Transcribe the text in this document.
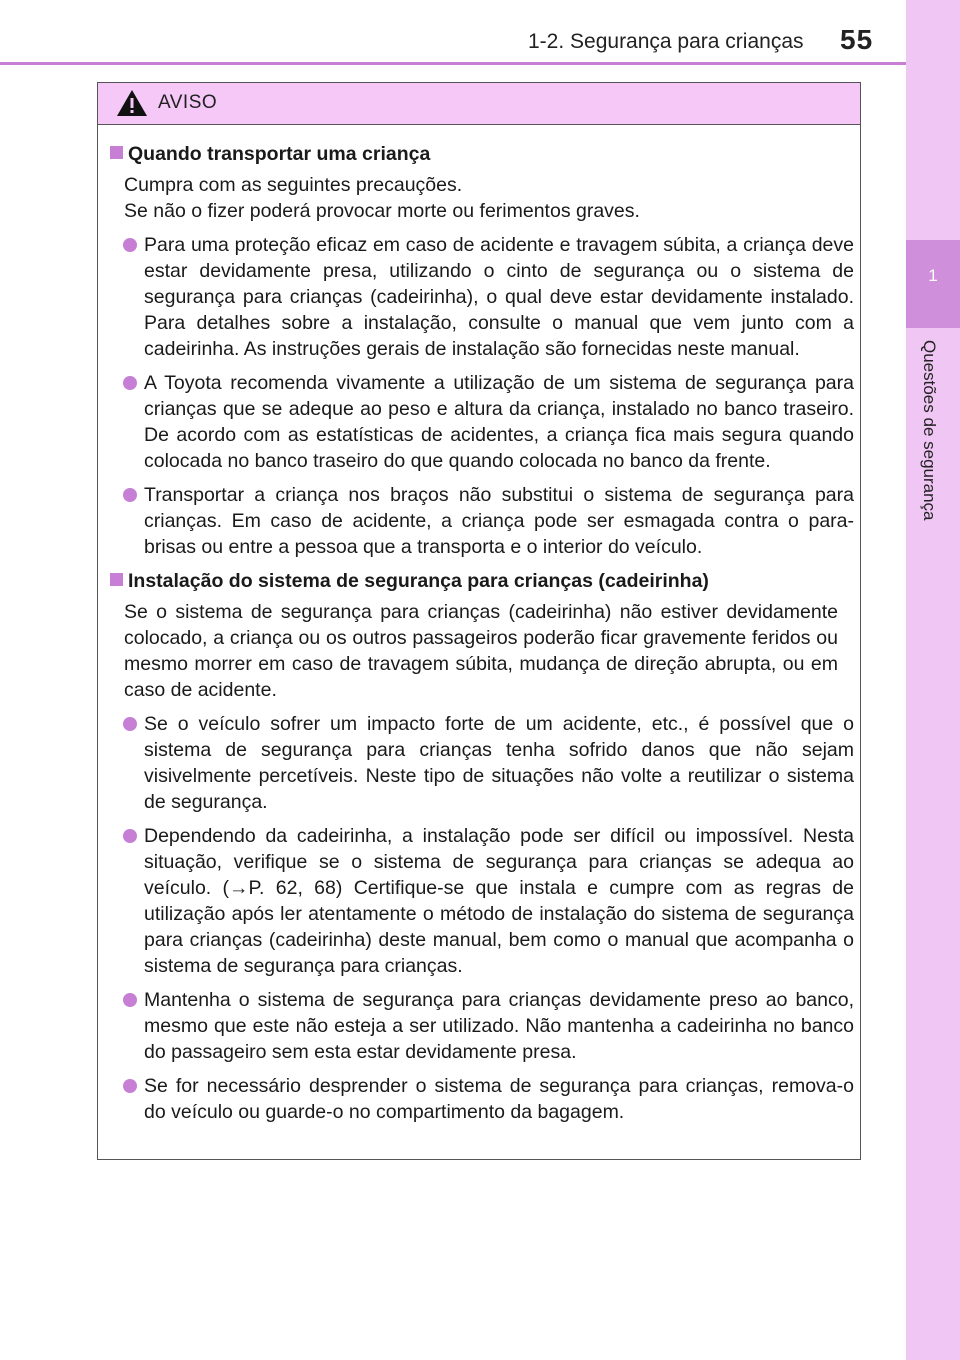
1-2. Segurança para crianças 55
1
Questões de segurança
AVISO
Quando transportar uma criança
Cumpra com as seguintes precauções.
Se não o fizer poderá provocar morte ou ferimentos graves.
Para uma proteção eficaz em caso de acidente e travagem súbita, a criança deve estar devidamente presa, utilizando o cinto de segurança ou o sistema de segurança para crianças (cadeirinha), o qual deve estar devidamente instalado. Para detalhes sobre a instalação, consulte o manual que vem junto com a cadeirinha. As instruções gerais de instalação são fornecidas neste manual.
A Toyota recomenda vivamente a utilização de um sistema de segurança para crianças que se adeque ao peso e altura da criança, instalado no banco traseiro. De acordo com as estatísticas de acidentes, a criança fica mais segura quando colocada no banco traseiro do que quando colocada no banco da frente.
Transportar a criança nos braços não substitui o sistema de segurança para crianças. Em caso de acidente, a criança pode ser esmagada contra o para-brisas ou entre a pessoa que a transporta e o interior do veículo.
Instalação do sistema de segurança para crianças (cadeirinha)
Se o sistema de segurança para crianças (cadeirinha) não estiver devidamente colocado, a criança ou os outros passageiros poderão ficar gravemente feridos ou mesmo morrer em caso de travagem súbita, mudança de direção abrupta, ou em caso de acidente.
Se o veículo sofrer um impacto forte de um acidente, etc., é possível que o sistema de segurança para crianças tenha sofrido danos que não sejam visivelmente percetíveis. Neste tipo de situações não volte a reutilizar o sistema de segurança.
Dependendo da cadeirinha, a instalação pode ser difícil ou impossível. Nesta situação, verifique se o sistema de segurança para crianças se adequa ao veículo. (→P. 62, 68) Certifique-se que instala e cumpre com as regras de utilização após ler atentamente o método de instalação do sistema de segurança para crianças (cadeirinha) deste manual, bem como o manual que acompanha o sistema de segurança para crianças.
Mantenha o sistema de segurança para crianças devidamente preso ao banco, mesmo que este não esteja a ser utilizado. Não mantenha a cadeirinha no banco do passageiro sem esta estar devidamente presa.
Se for necessário desprender o sistema de segurança para crianças, remova-o do veículo ou guarde-o no compartimento da bagagem.
